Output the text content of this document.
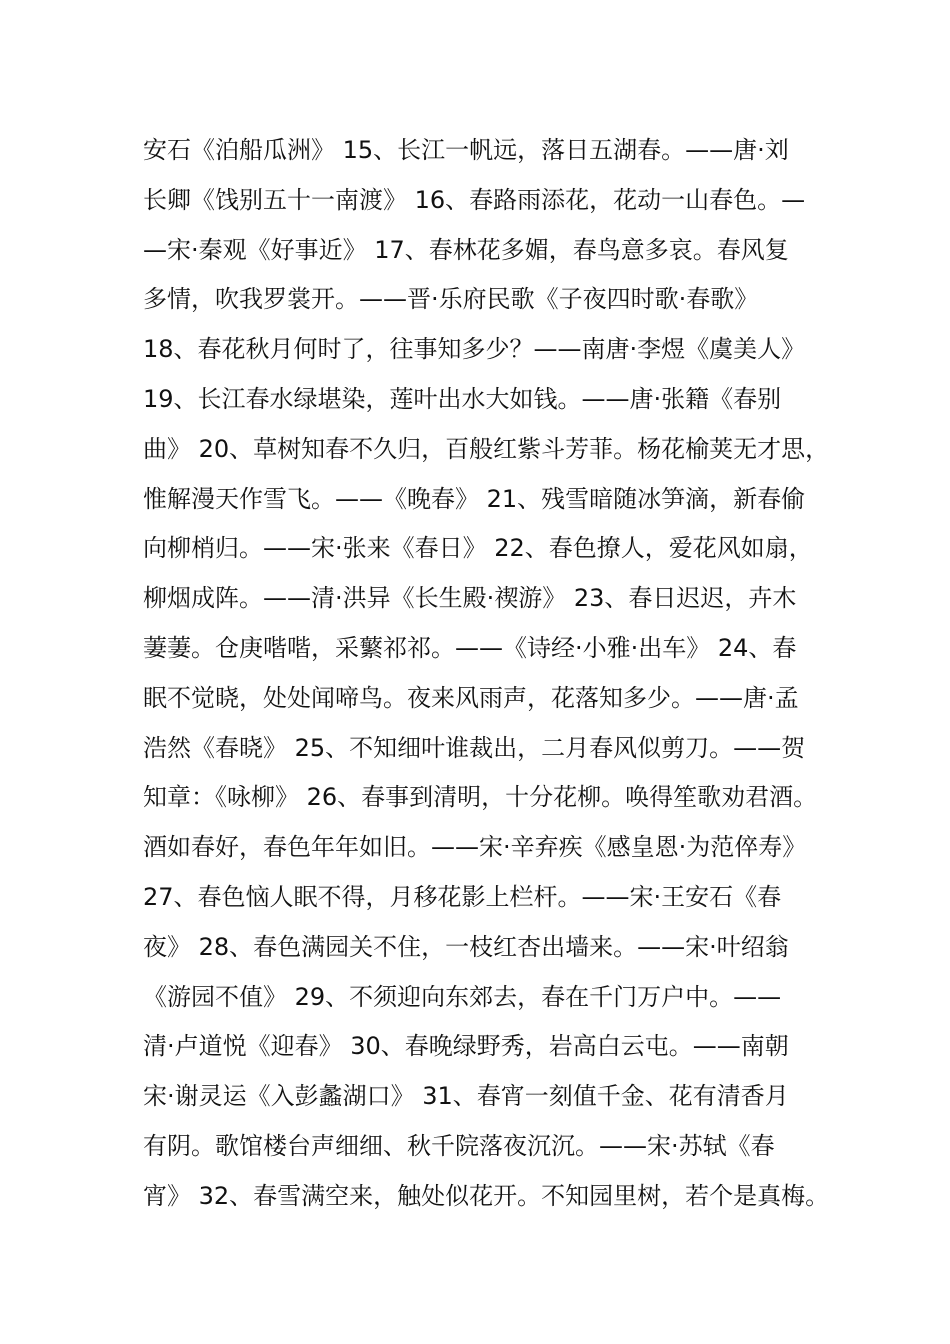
安石《泊船瓜洲》 15、长江一帆远，落日五湖春。——唐·刘
长卿《饯别五十一南渡》 16、春路雨添花，花动一山春色。—
—宋·秦观《好事近》 17、春林花多媚，春鸟意多哀。春风复
多情，吹我罗裳开。——晋·乐府民歌《子夜四时歌·春歌》
18、春花秋月何时了，往事知多少？——南唐·李煜《虞美人》
19、长江春水绿堪染，莲叶出水大如钱。——唐·张籍《春别
曲》 20、草树知春不久归，百般红紫斗芳菲。杨花榆荚无才思，
惟解漫天作雪飞。——《晚春》 21、残雪暗随冰笋滴，新春偷
向柳梢归。——宋·张来《春日》 22、春色撩人，爱花风如扇，
柳烟成阵。——清·洪异《长生殿·禊游》 23、春日迟迟，卉木
萋萋。仓庚喈喈，采蘩祁祁。——《诗经·小雅·出车》 24、春
眠不觉晓，处处闻啼鸟。夜来风雨声，花落知多少。——唐·孟
浩然《春晓》 25、不知细叶谁裁出，二月春风似剪刀。——贺
知章：《咏柳》 26、春事到清明，十分花柳。唤得笙歌劝君酒。
酒如春好，春色年年如旧。——宋·辛弃疾《感皇恩·为范倅寿》
27、春色恼人眠不得，月移花影上栏杆。——宋·王安石《春
夜》 28、春色满园关不住，一枝红杏出墙来。——宋·叶绍翁
《游园不值》 29、不须迎向东郊去，春在千门万户中。——
清·卢道悦《迎春》 30、春晚绿野秀，岩高白云屯。——南朝
宋·谢灵运《入彭蠡湖口》 31、春宵一刻值千金、花有清香月
有阴。歌馆楼台声细细、秋千院落夜沉沉。——宋·苏轼《春
宵》 32、春雪满空来，触处似花开。不知园里树，若个是真梅。
